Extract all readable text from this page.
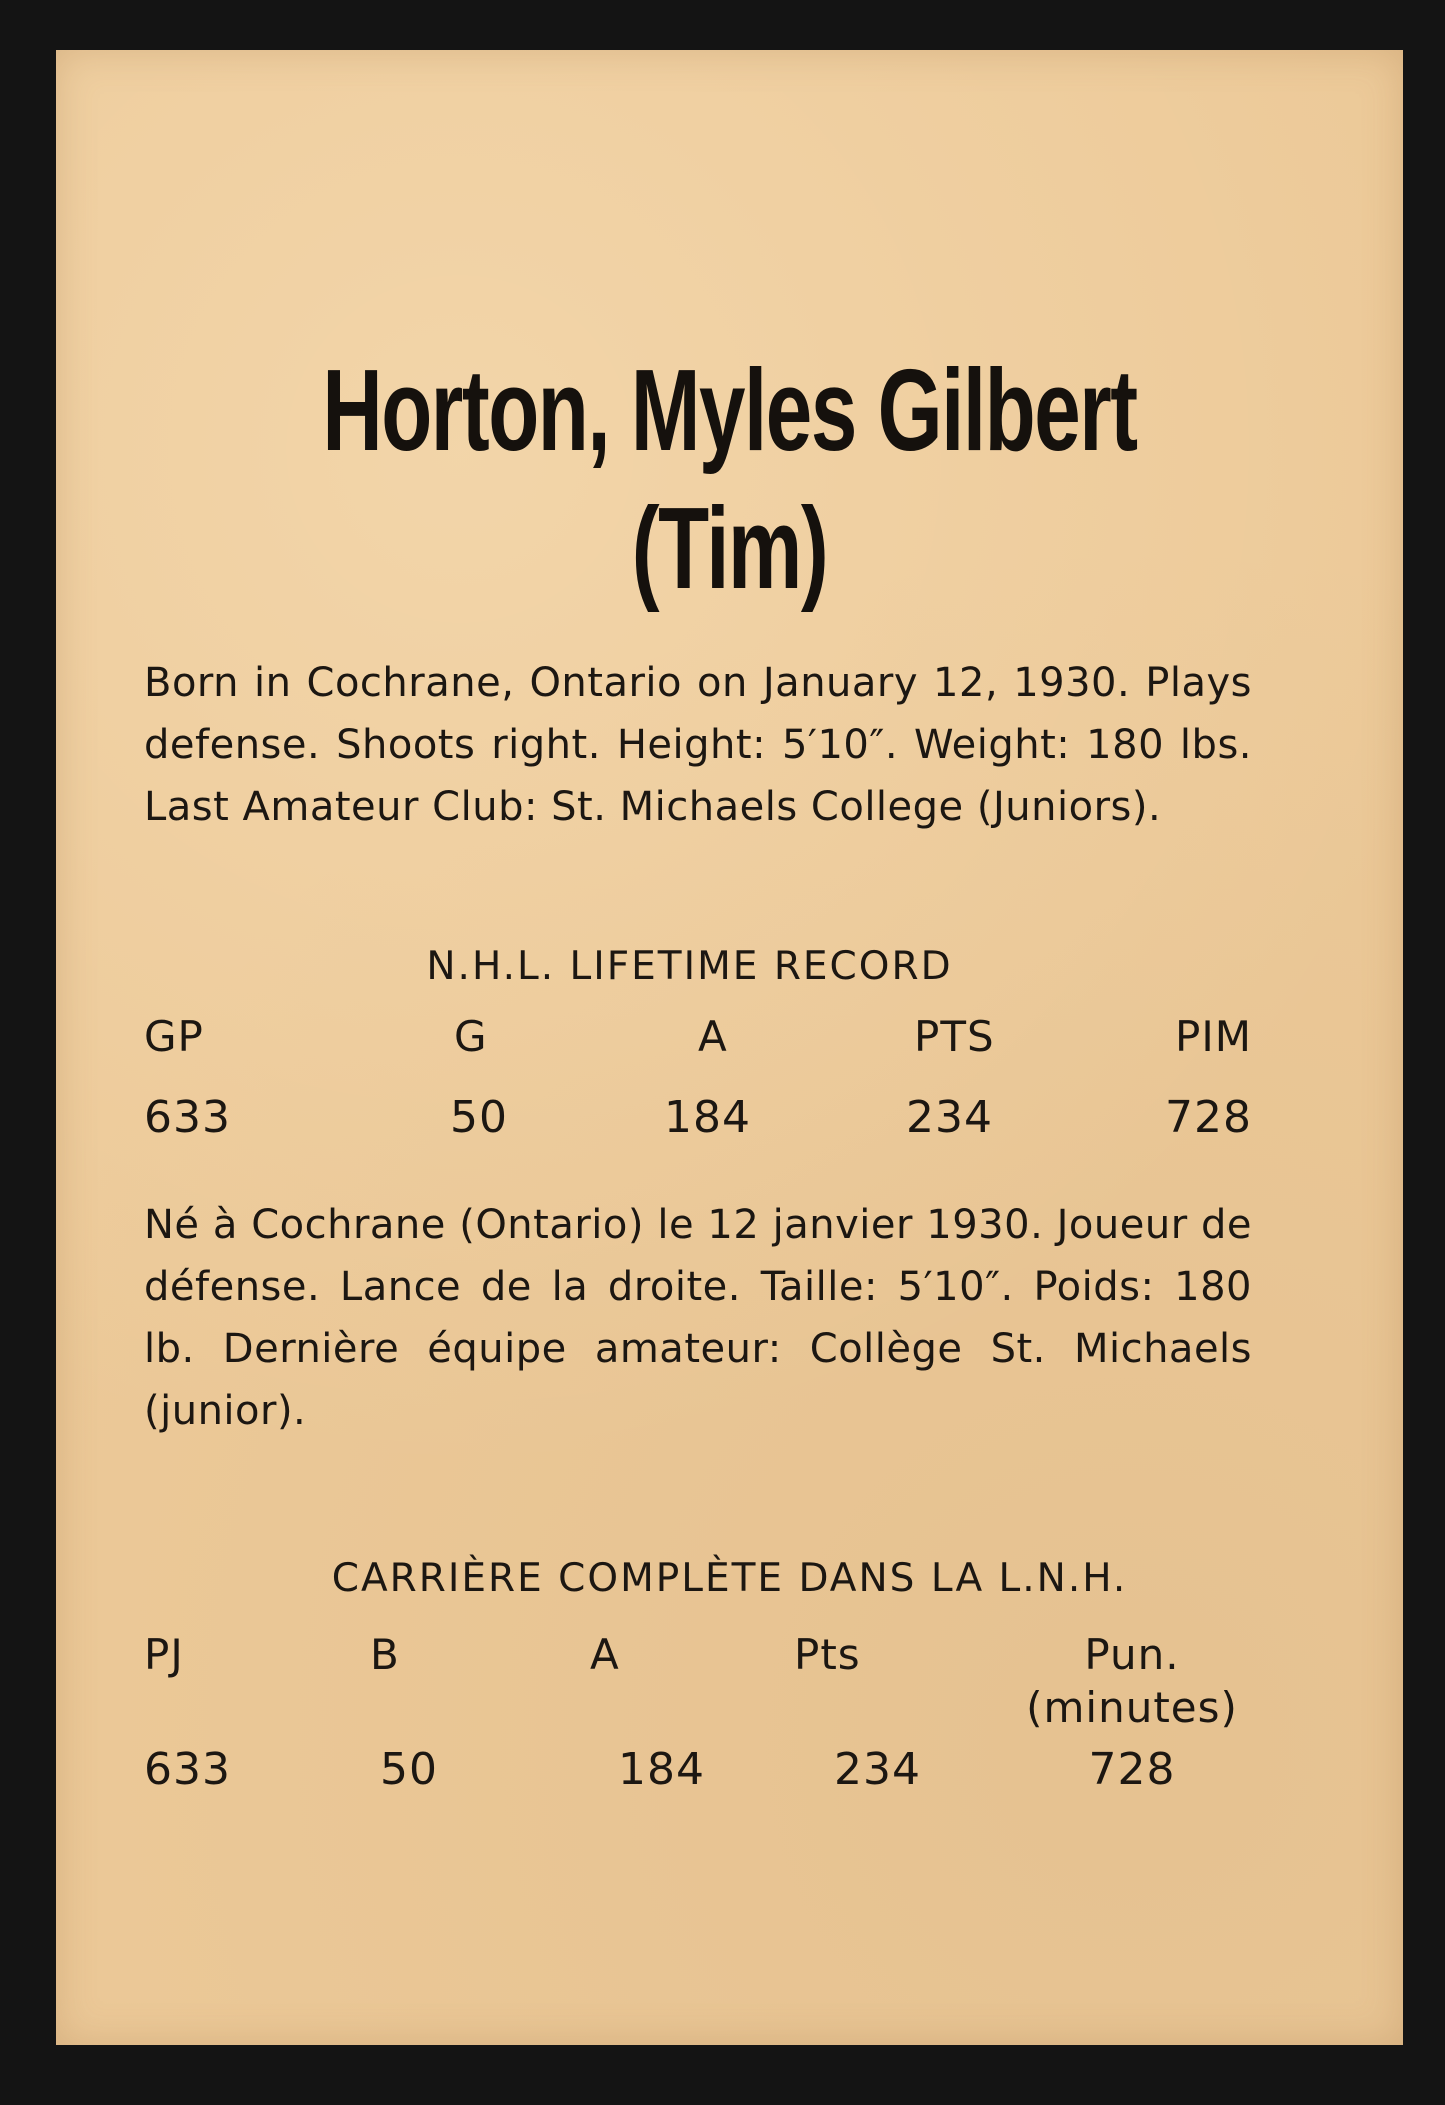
Horton, Myles Gilbert
(Tim)

Born in Cochrane, Ontario on January 12, 1930. Plays defense. Shoots right. Height: 5′10″. Weight: 180 lbs. Last Amateur Club: St. Michaels College (Juniors).

N.H.L. LIFETIME RECORD
GP	G	A	PTS	PIM
633	50	184	234	728

Né à Cochrane (Ontario) le 12 janvier 1930. Joueur de défense. Lance de la droite. Taille: 5′10″. Poids: 180 lb. Dernière équipe amateur: Collège St. Michaels (junior).

CARRIÈRE COMPLÈTE DANS LA L.N.H.
PJ	B	A	Pts	Pun.
(minutes)
633	50	184	234	728
